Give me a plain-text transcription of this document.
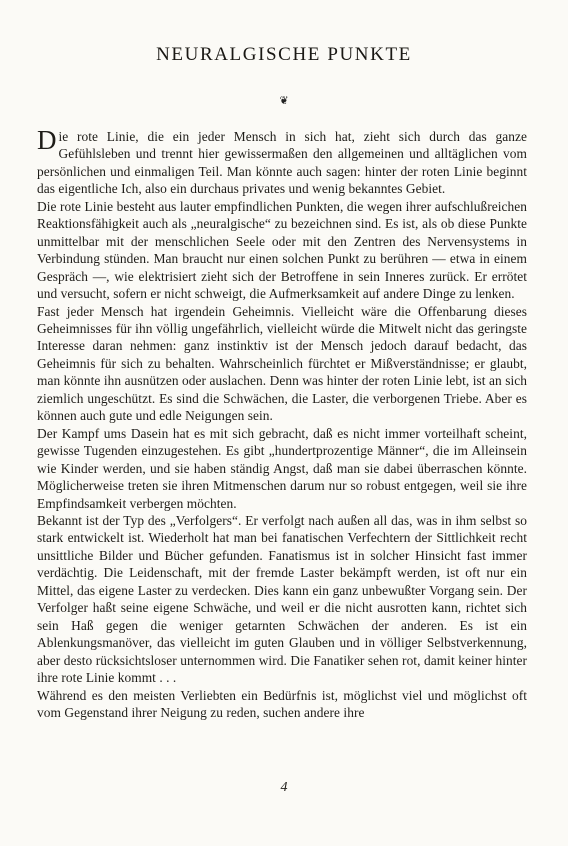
NEURALGISCHE PUNKTE
❦

Die rote Linie, die ein jeder Mensch in sich hat, zieht sich durch das ganze Gefühlsleben und trennt hier gewissermaßen den allgemeinen und alltäglichen vom persönlichen und einmaligen Teil. Man könnte auch sagen: hinter der roten Linie beginnt das eigentliche Ich, also ein durchaus privates und wenig bekanntes Gebiet.

Die rote Linie besteht aus lauter empfindlichen Punkten, die wegen ihrer aufschlußreichen Reaktionsfähigkeit auch als „neuralgische“ zu bezeichnen sind. Es ist, als ob diese Punkte unmittelbar mit der menschlichen Seele oder mit den Zentren des Nervensystems in Verbindung stünden. Man braucht nur einen solchen Punkt zu berühren — etwa in einem Gespräch —, wie elektrisiert zieht sich der Betroffene in sein Inneres zurück. Er errötet und versucht, sofern er nicht schweigt, die Aufmerksamkeit auf andere Dinge zu lenken.

Fast jeder Mensch hat irgendein Geheimnis. Vielleicht wäre die Offenbarung dieses Geheimnisses für ihn völlig ungefährlich, vielleicht würde die Mitwelt nicht das geringste Interesse daran nehmen: ganz instinktiv ist der Mensch jedoch darauf bedacht, das Geheimnis für sich zu behalten. Wahrscheinlich fürchtet er Mißverständnisse; er glaubt, man könnte ihn ausnützen oder auslachen. Denn was hinter der roten Linie lebt, ist an sich ziemlich ungeschützt. Es sind die Schwächen, die Laster, die verborgenen Triebe. Aber es können auch gute und edle Neigungen sein.

Der Kampf ums Dasein hat es mit sich gebracht, daß es nicht immer vorteilhaft scheint, gewisse Tugenden einzugestehen. Es gibt „hundertprozentige Männer“, die im Alleinsein wie Kinder werden, und sie haben ständig Angst, daß man sie dabei überraschen könnte. Möglicherweise treten sie ihren Mitmenschen darum nur so robust entgegen, weil sie ihre Empfindsamkeit verbergen möchten.

Bekannt ist der Typ des „Verfolgers“. Er verfolgt nach außen all das, was in ihm selbst so stark entwickelt ist. Wiederholt hat man bei fanatischen Verfechtern der Sittlichkeit recht unsittliche Bilder und Bücher gefunden. Fanatismus ist in solcher Hinsicht fast immer verdächtig. Die Leidenschaft, mit der fremde Laster bekämpft werden, ist oft nur ein Mittel, das eigene Laster zu verdecken. Dies kann ein ganz unbewußter Vorgang sein. Der Verfolger haßt seine eigene Schwäche, und weil er die nicht ausrotten kann, richtet sich sein Haß gegen die weniger getarnten Schwächen der anderen. Es ist ein Ablenkungsmanöver, das vielleicht im guten Glauben und in völliger Selbstverkennung, aber desto rücksichtsloser unternommen wird. Die Fanatiker sehen rot, damit keiner hinter ihre rote Linie kommt . . .

Während es den meisten Verliebten ein Bedürfnis ist, möglichst viel und möglichst oft vom Gegenstand ihrer Neigung zu reden, suchen andere ihre

4
